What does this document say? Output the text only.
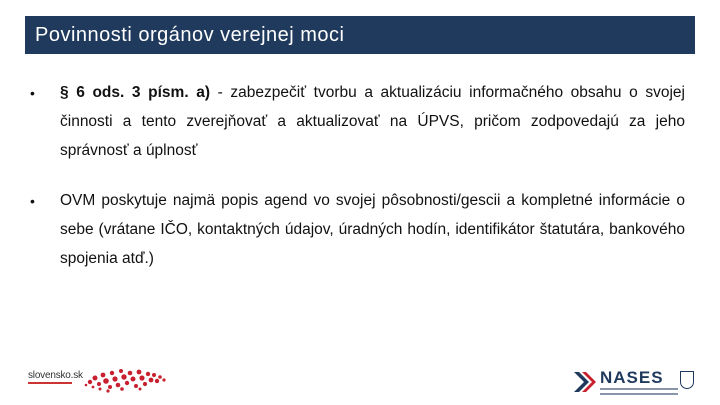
Povinnosti orgánov verejnej moci
•	§ 6 ods. 3 písm. a) - zabezpečiť tvorbu a aktualizáciu informačného obsahu o svojej činnosti a tento zverejňovať a aktualizovať na ÚPVS, pričom zodpovedajú za jeho správnosť a úplnosť
•	OVM poskytuje najmä popis agend vo svojej pôsobnosti/gescii a kompletné informácie o sebe (vrátane IČO, kontaktných údajov, úradných hodín, identifikátor štatutára, bankového spojenia atď.)
slovensko.sk	NASES
